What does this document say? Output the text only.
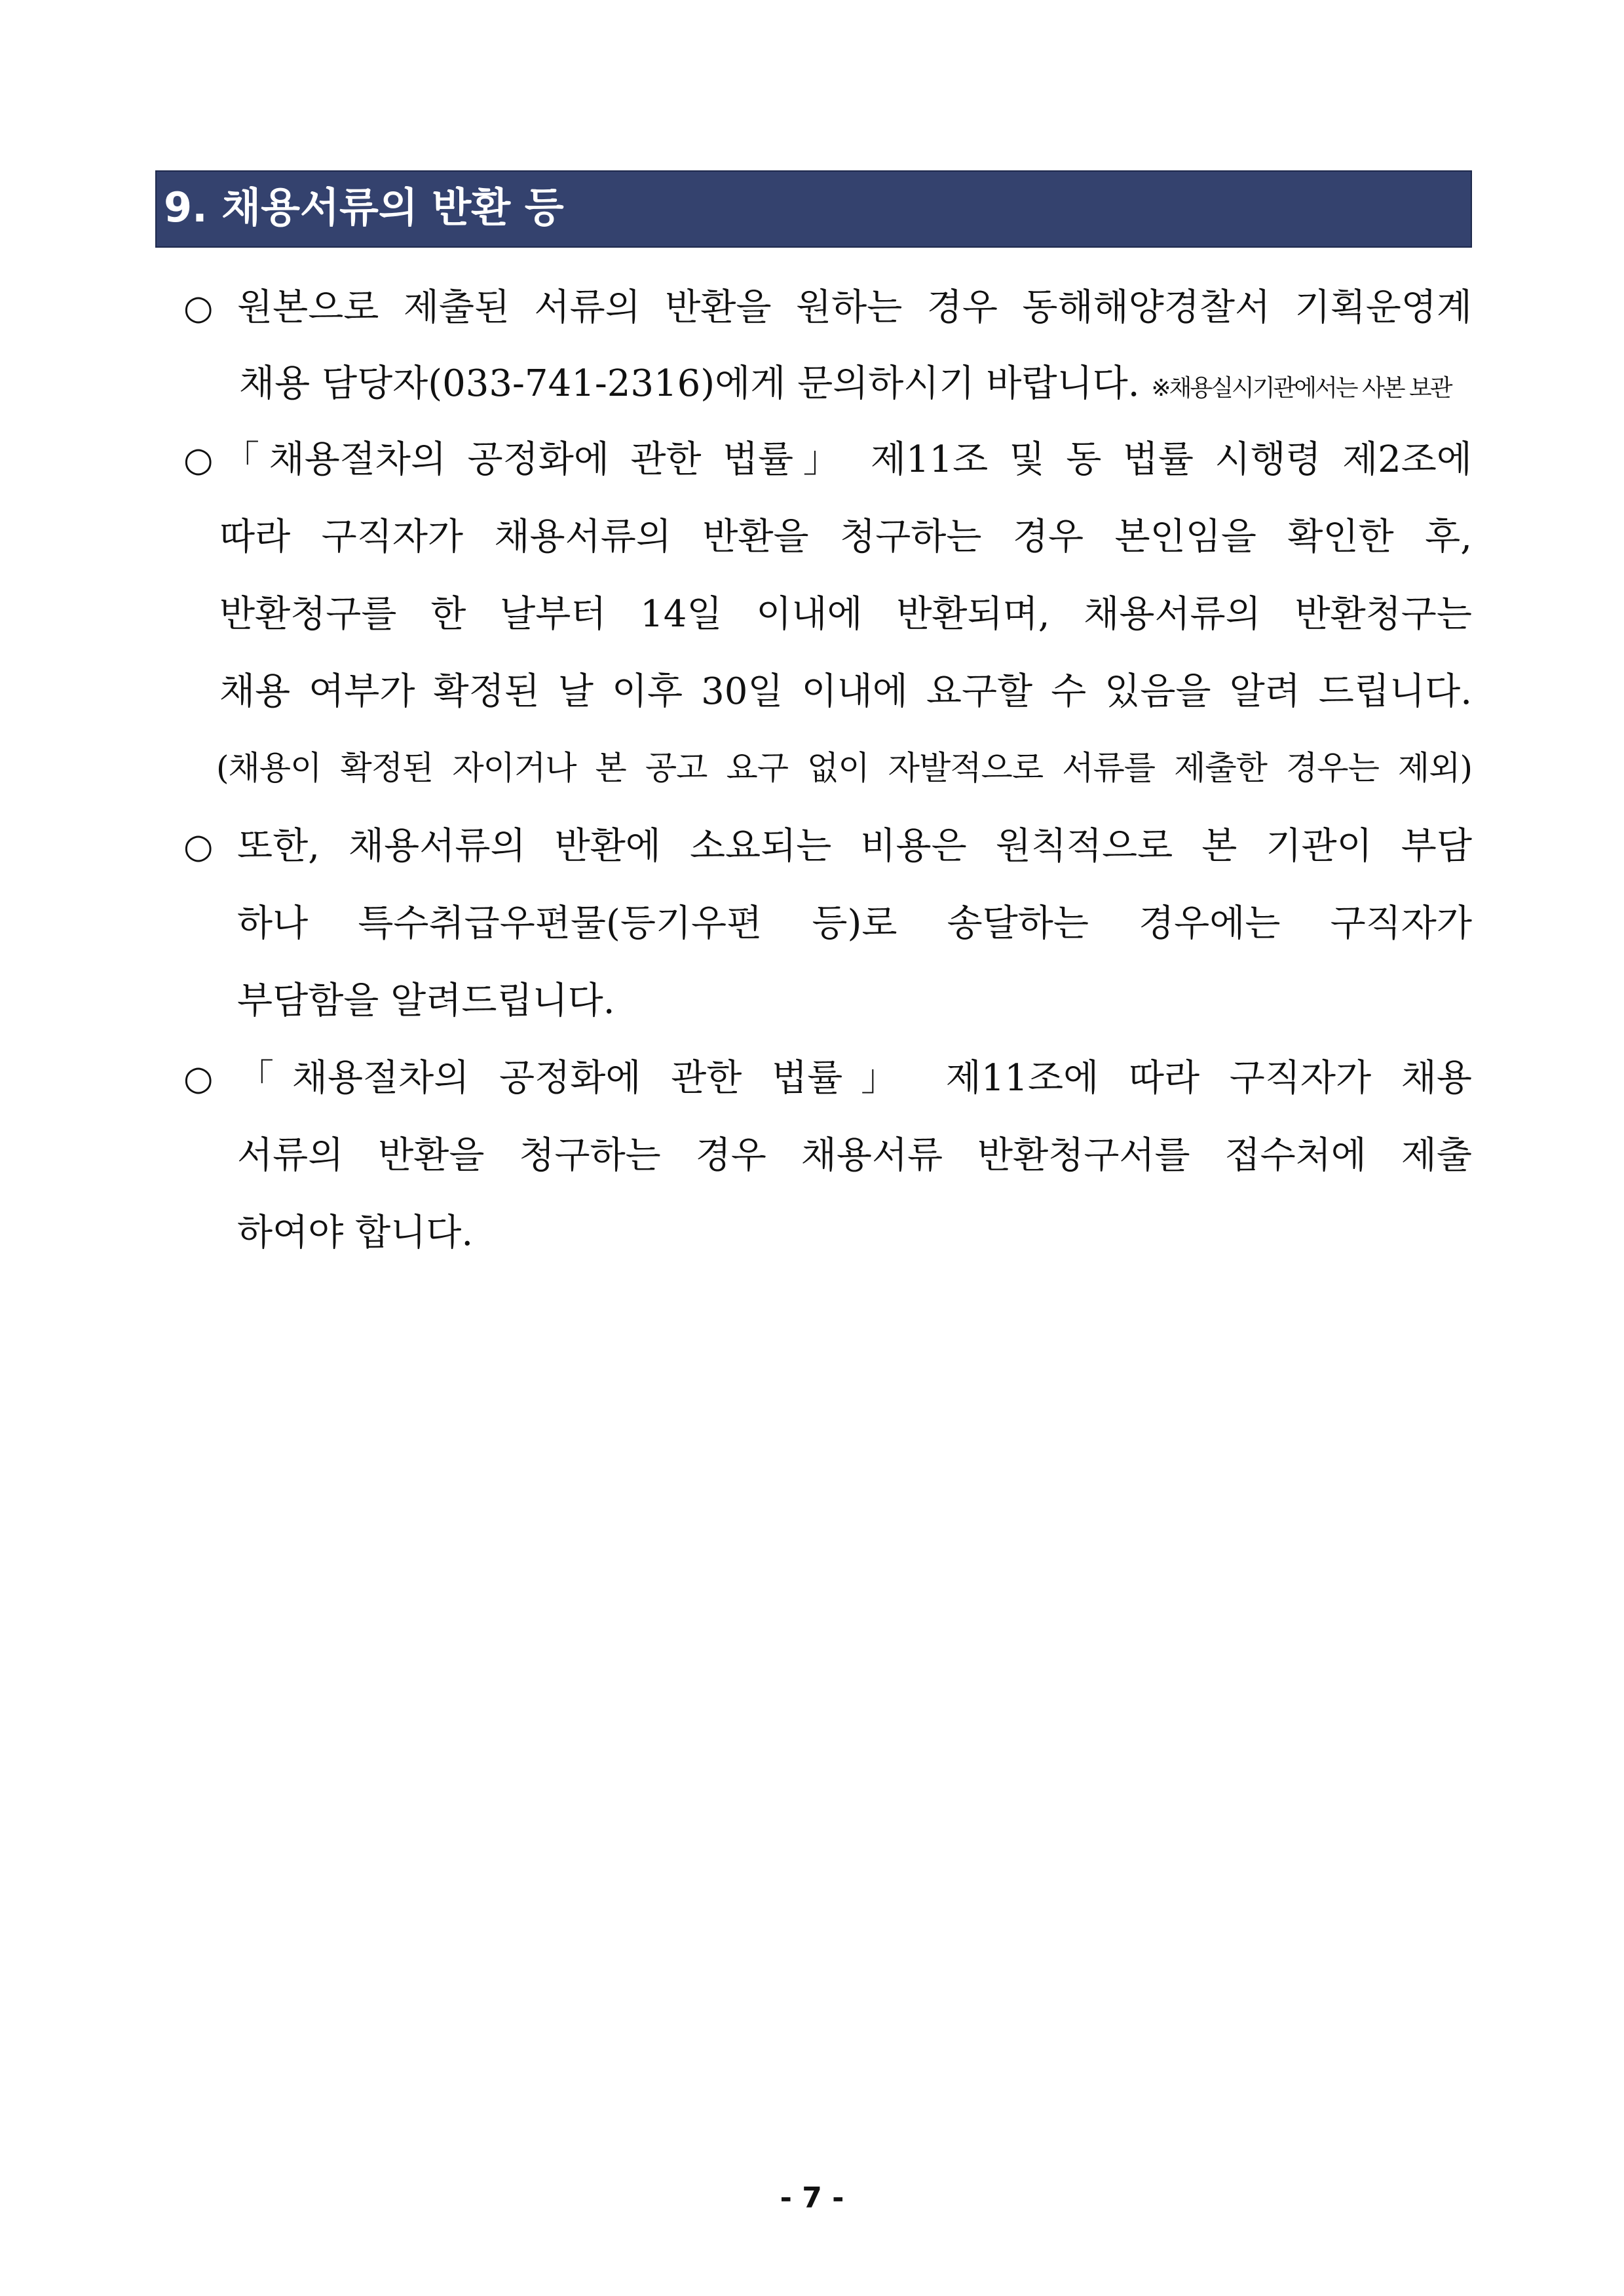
9. 채용서류의 반환 등
○ 원본으로 제출된 서류의 반환을 원하는 경우 동해해양경찰서 기획운영계
채용 담당자(033-741-2316)에게 문의하시기 바랍니다. ※채용실시기관에서는 사본 보관
○ 「채용절차의 공정화에 관한 법률」 제11조 및 동 법률 시행령 제2조에
따라 구직자가 채용서류의 반환을 청구하는 경우 본인임을 확인한 후,
반환청구를 한 날부터 14일 이내에 반환되며, 채용서류의 반환청구는
채용 여부가 확정된 날 이후 30일 이내에 요구할 수 있음을 알려 드립니다.
(채용이 확정된 자이거나 본 공고 요구 없이 자발적으로 서류를 제출한 경우는 제외)
○ 또한, 채용서류의 반환에 소요되는 비용은 원칙적으로 본 기관이 부담
하나 특수취급우편물(등기우편 등)로 송달하는 경우에는 구직자가
부담함을 알려드립니다.
○ 「채용절차의 공정화에 관한 법률」 제11조에 따라 구직자가 채용
서류의 반환을 청구하는 경우 채용서류 반환청구서를 접수처에 제출
하여야 합니다.
- 7 -
